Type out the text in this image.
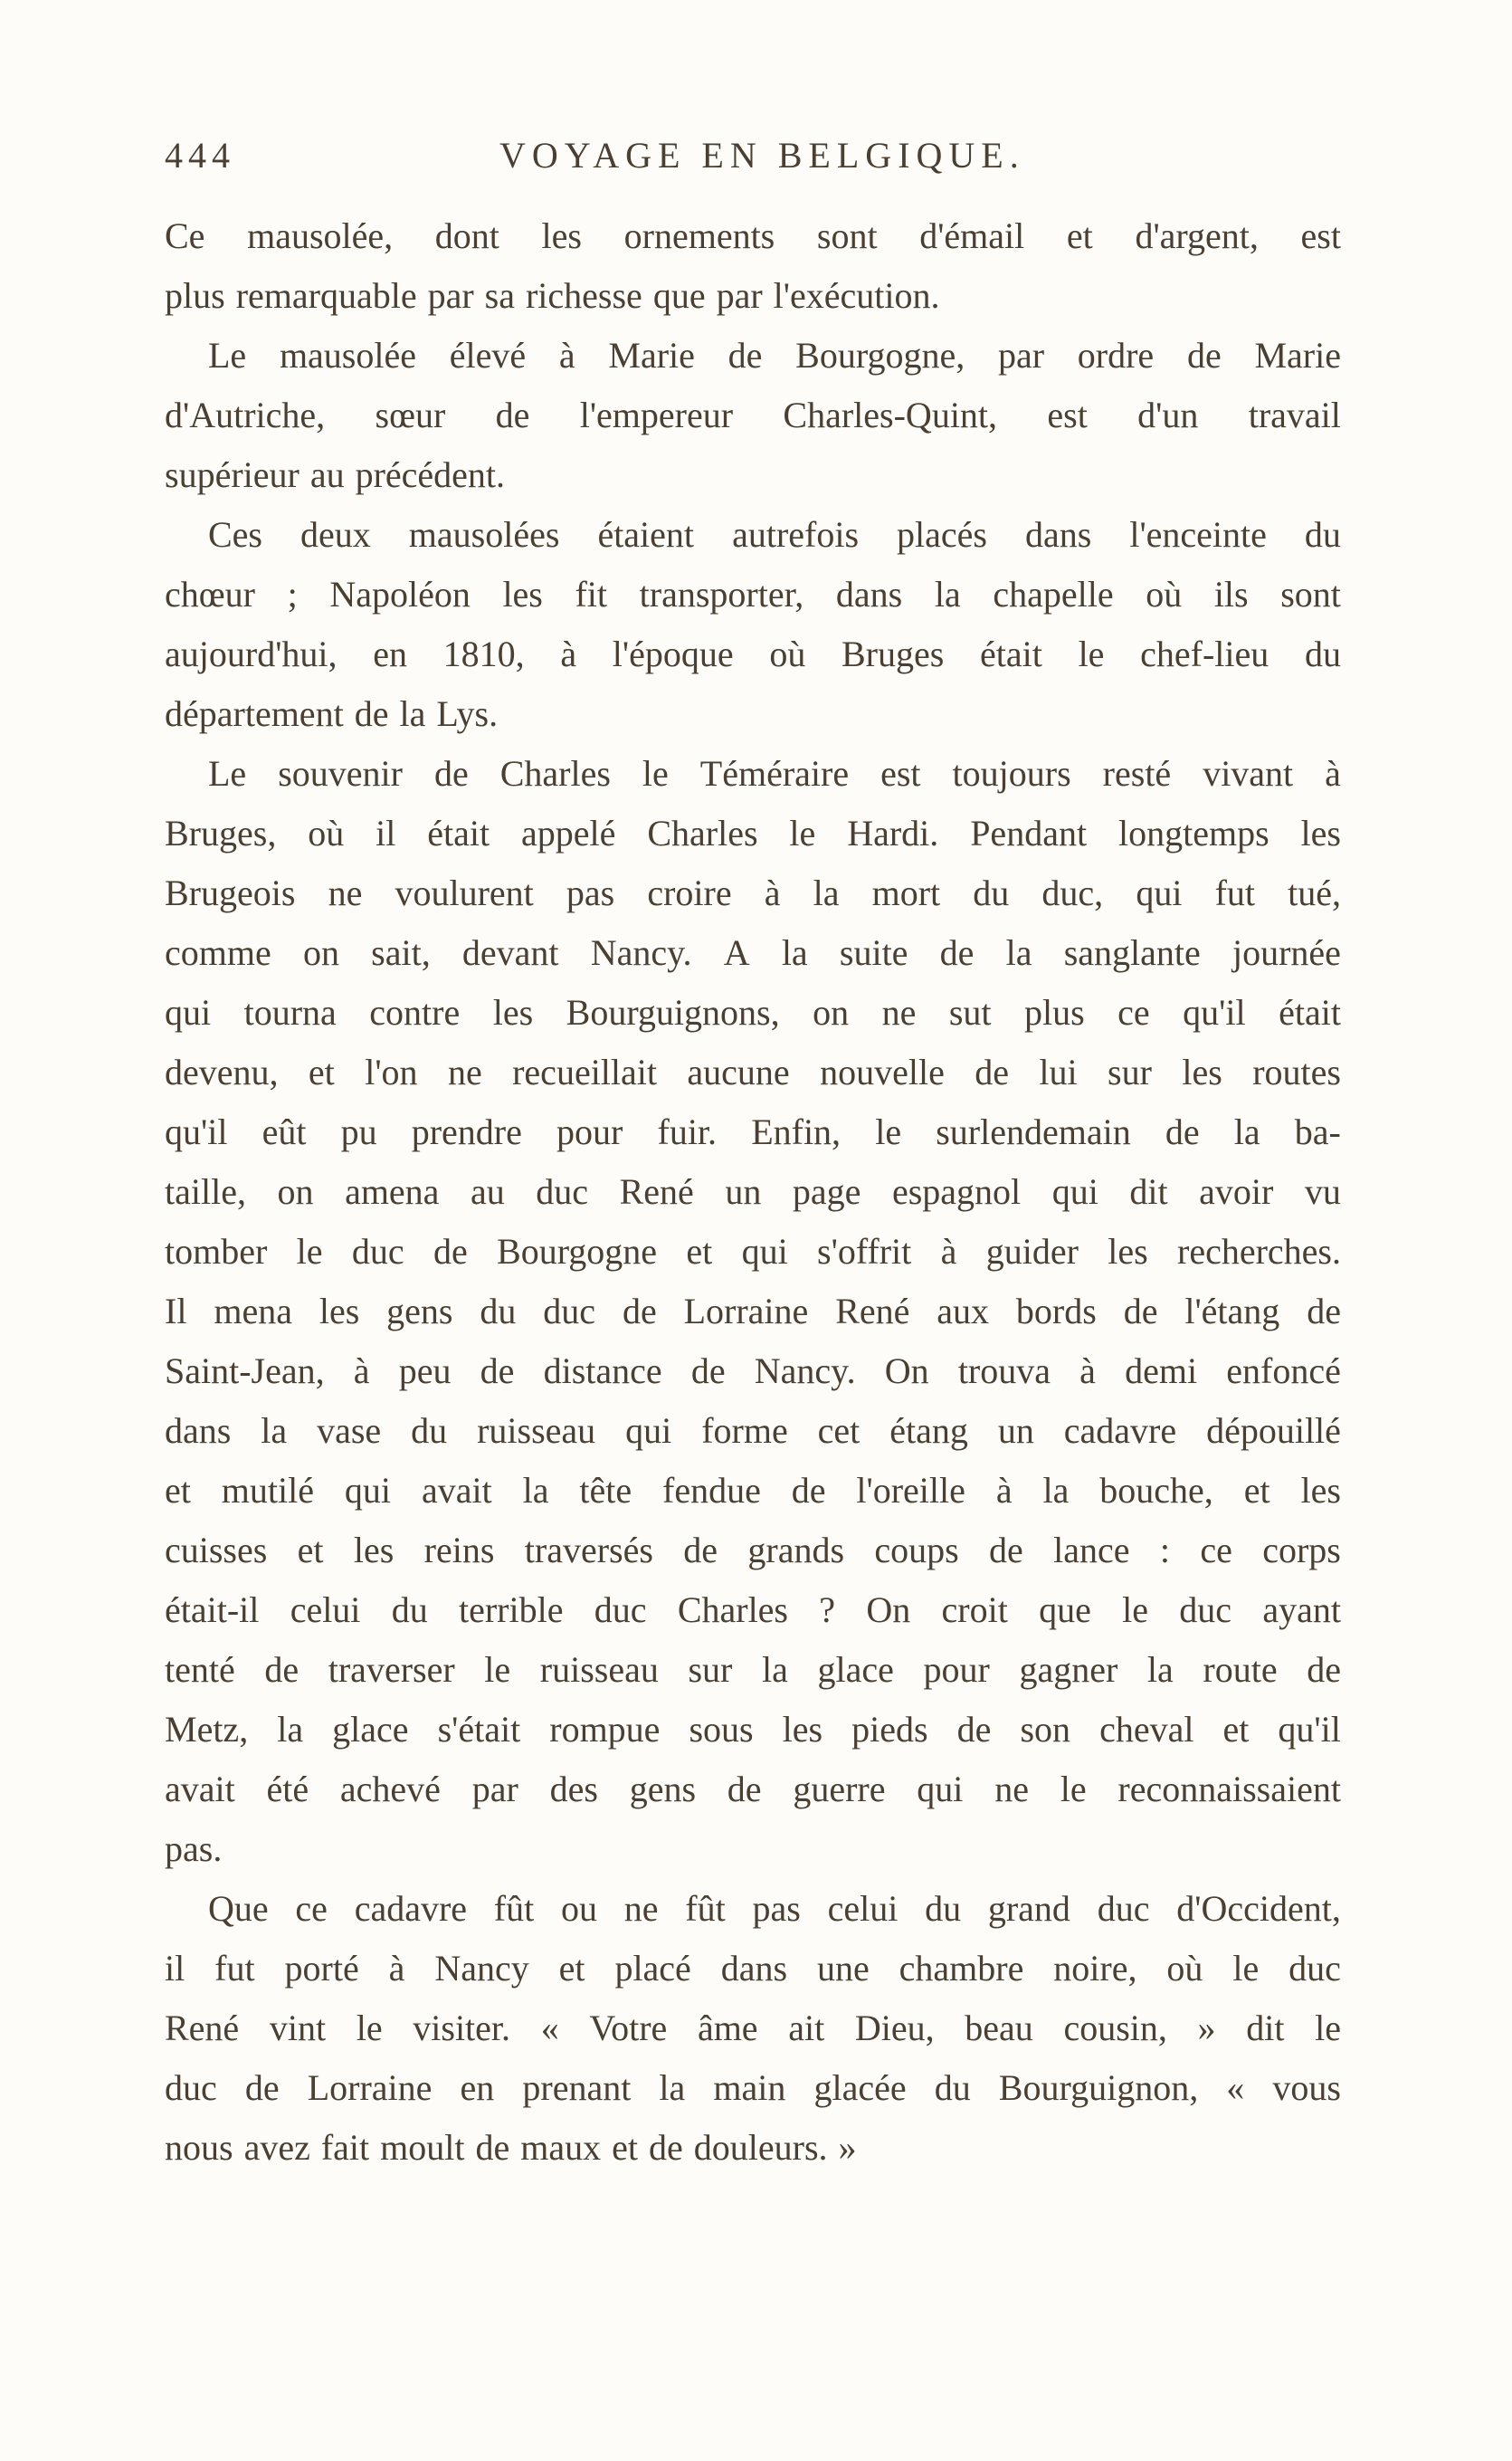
444	VOYAGE EN BELGIQUE.
Ce mausolée, dont les ornements sont d'émail et d'argent, est
plus remarquable par sa richesse que par l'exécution.
Le mausolée élevé à Marie de Bourgogne, par ordre de Marie
d'Autriche, sœur de l'empereur Charles-Quint, est d'un travail
supérieur au précédent.
Ces deux mausolées étaient autrefois placés dans l'enceinte du
chœur ; Napoléon les fit transporter, dans la chapelle où ils sont
aujourd'hui, en 1810, à l'époque où Bruges était le chef-lieu du
département de la Lys.
Le souvenir de Charles le Téméraire est toujours resté vivant à
Bruges, où il était appelé Charles le Hardi. Pendant longtemps les
Brugeois ne voulurent pas croire à la mort du duc, qui fut tué,
comme on sait, devant Nancy. A la suite de la sanglante journée
qui tourna contre les Bourguignons, on ne sut plus ce qu'il était
devenu, et l'on ne recueillait aucune nouvelle de lui sur les routes
qu'il eût pu prendre pour fuir. Enfin, le surlendemain de la ba-
taille, on amena au duc René un page espagnol qui dit avoir vu
tomber le duc de Bourgogne et qui s'offrit à guider les recherches.
Il mena les gens du duc de Lorraine René aux bords de l'étang de
Saint-Jean, à peu de distance de Nancy. On trouva à demi enfoncé
dans la vase du ruisseau qui forme cet étang un cadavre dépouillé
et mutilé qui avait la tête fendue de l'oreille à la bouche, et les
cuisses et les reins traversés de grands coups de lance : ce corps
était-il celui du terrible duc Charles ? On croit que le duc ayant
tenté de traverser le ruisseau sur la glace pour gagner la route de
Metz, la glace s'était rompue sous les pieds de son cheval et qu'il
avait été achevé par des gens de guerre qui ne le reconnaissaient
pas.
Que ce cadavre fût ou ne fût pas celui du grand duc d'Occident,
il fut porté à Nancy et placé dans une chambre noire, où le duc
René vint le visiter. « Votre âme ait Dieu, beau cousin, » dit le
duc de Lorraine en prenant la main glacée du Bourguignon, « vous
nous avez fait moult de maux et de douleurs. »
